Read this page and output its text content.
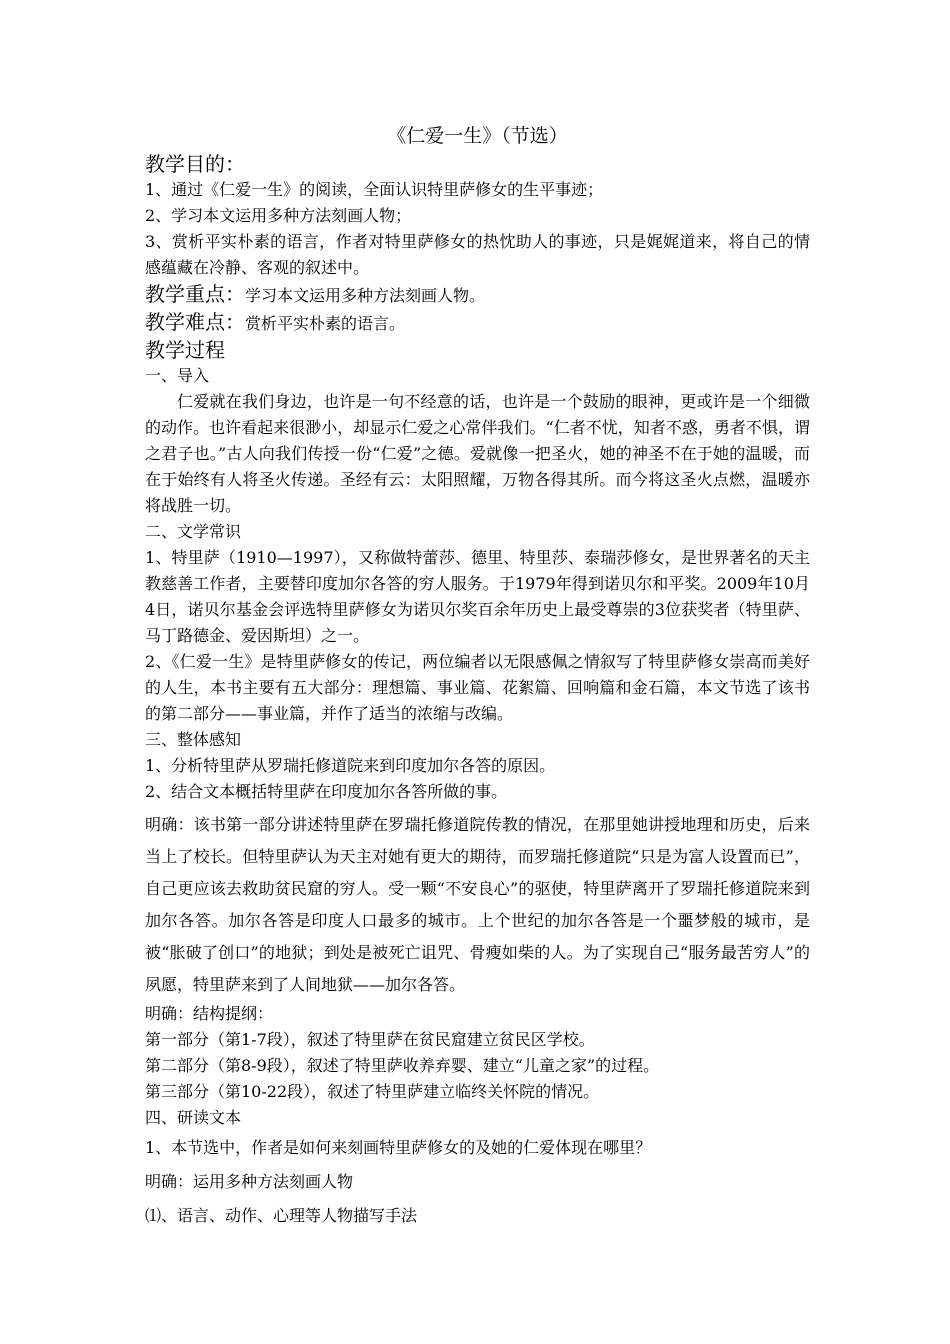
《仁爱一生》（节选）
教学目的：
1、通过《仁爱一生》的阅读，全面认识特里萨修女的生平事迹；
2、学习本文运用多种方法刻画人物；

3、赏析平实朴素的语言，作者对特里萨修女的热忱助人的事迹，只是娓娓道来，将自己的情感蕴藏在冷静、客观的叙述中。

教学重点：学习本文运用多种方法刻画人物。
教学难点：赏析平实朴素的语言。
教学过程
一、导入

仁爱就在我们身边，也许是一句不经意的话，也许是一个鼓励的眼神，更或许是一个细微的动作。也许看起来很渺小，却显示仁爱之心常伴我们。“仁者不忧，知者不惑，勇者不惧，谓之君子也。”古人向我们传授一份“仁爱”之德。爱就像一把圣火，她的神圣不在于她的温暖，而在于始终有人将圣火传递。圣经有云：太阳照耀，万物各得其所。而今将这圣火点燃，温暖亦将战胜一切。

二、文学常识

1、特里萨（1910—1997），又称做特蕾莎、德里、特里莎、泰瑞莎修女，是世界著名的天主教慈善工作者，主要替印度加尔各答的穷人服务。于1979年得到诺贝尔和平奖。2009年10月4日，诺贝尔基金会评选特里萨修女为诺贝尔奖百余年历史上最受尊崇的3位获奖者（特里萨、马丁路德金、爱因斯坦）之一。

2、《仁爱一生》是特里萨修女的传记，两位编者以无限感佩之情叙写了特里萨修女崇高而美好的人生，本书主要有五大部分：理想篇、事业篇、花絮篇、回响篇和金石篇，本文节选了该书的第二部分——事业篇，并作了适当的浓缩与改编。

三、整体感知
1、分析特里萨从罗瑞托修道院来到印度加尔各答的原因。
2、结合文本概括特里萨在印度加尔各答所做的事。

明确：该书第一部分讲述特里萨在罗瑞托修道院传教的情况，在那里她讲授地理和历史，后来当上了校长。但特里萨认为天主对她有更大的期待，而罗瑞托修道院“只是为富人设置而已”，自己更应该去救助贫民窟的穷人。受一颗“不安良心”的驱使，特里萨离开了罗瑞托修道院来到加尔各答。加尔各答是印度人口最多的城市。上个世纪的加尔各答是一个噩梦般的城市，是被“胀破了创口”的地狱；到处是被死亡诅咒、骨瘦如柴的人。为了实现自己“服务最苦穷人”的夙愿，特里萨来到了人间地狱——加尔各答。

明确：结构提纲：
第一部分（第1-7段），叙述了特里萨在贫民窟建立贫民区学校。
第二部分（第8-9段），叙述了特里萨收养弃婴、建立“儿童之家”的过程。
第三部分（第10-22段），叙述了特里萨建立临终关怀院的情况。
四、研读文本
1、本节选中，作者是如何来刻画特里萨修女的及她的仁爱体现在哪里？
明确：运用多种方法刻画人物
⑴、语言、动作、心理等人物描写手法
